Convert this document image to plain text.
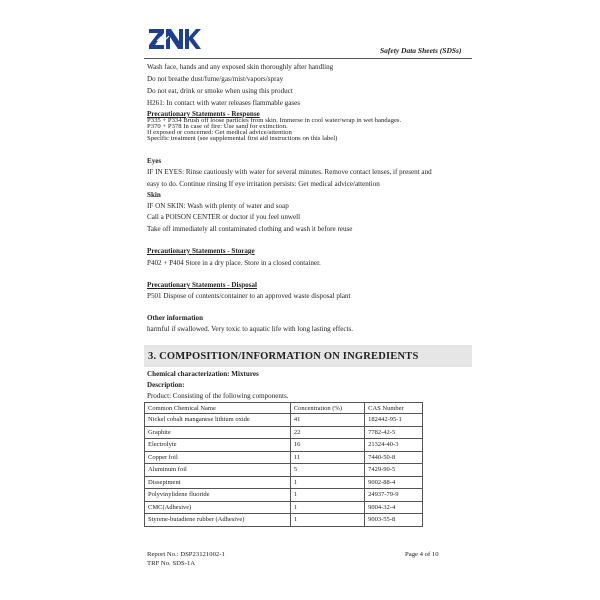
Safety Data Sheets (SDSs)
Wash face, hands and any exposed skin thoroughly after handling
Do not breathe dust/fume/gas/mist/vapors/spray
Do not eat, drink or smoke when using this product
H261: In contact with water releases flammable gases
Precautionary Statements - Response
P335 + P334 Brush off loose particles from skin. Immerse in cool water/wrap in wet bandages.
P370 + P378 In case of fire: Use sand for extinction.
If exposed or concerned: Get medical advice/attention
Specific treatment (see supplemental first aid instructions on this label)
Eyes
IF IN EYES: Rinse cautiously with water for several minutes. Remove contact lenses, if present and
easy to do. Continue rinsing If eye irritation persists: Get medical advice/attention
Skin
IF ON SKIN: Wash with plenty of water and soap
Call a POISON CENTER or doctor if you feel unwell
Take off immediately all contaminated clothing and wash it before reuse
Precautionary Statements - Storage
P402 + P404 Store in a dry place. Store in a closed container.
Precautionary Statements - Disposal
P501 Dispose of contents/container to an approved waste disposal plant
Other information
harmful if swallowed. Very toxic to aquatic life with long lasting effects.
3. COMPOSITION/INFORMATION ON INGREDIENTS
Chemical characterization: Mixtures
Description:
Product: Consisting of the following components.
Common Chemical Name	Concentration (%)	CAS Number
Nickel cobalt manganese lithium oxide	41	182442-95-1
Graphite	22	7782-42-5
Electrolyte	16	21324-40-3
Copper foil	11	7440-50-8
Aluminum foil	5	7429-90-5
Dissepiment	1	9002-88-4
Polyvinylidene fluoride	1	24937-79-9
CMC(Adhesive)	1	9004-32-4
Styrene-butadiene rubber (Adhesive)	1	9003-55-8
Report No.: DSP23121002-1
TRF No. SDS-1A
Page 4 of 10
